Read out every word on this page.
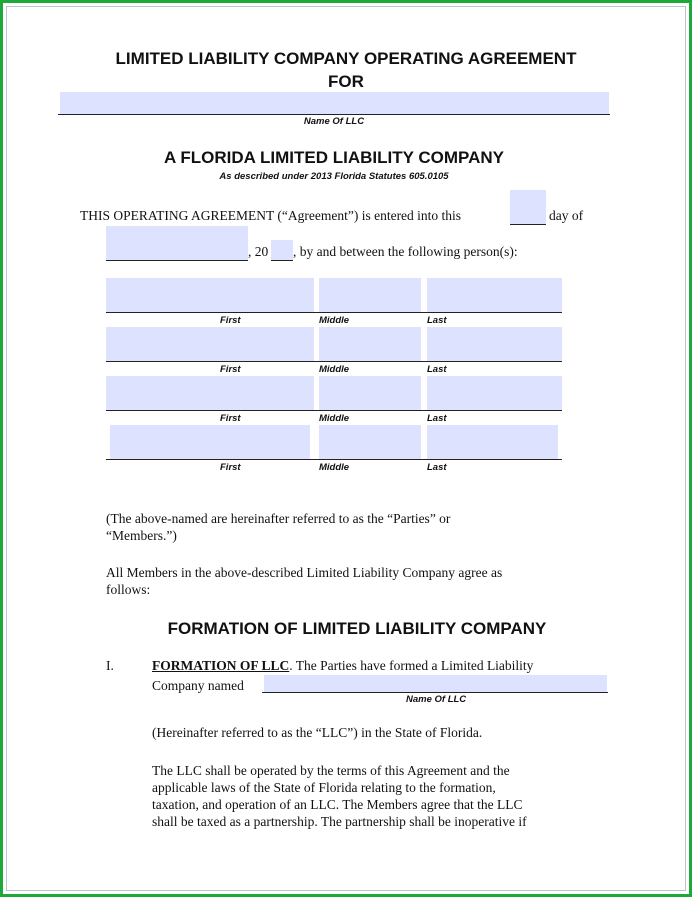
LIMITED LIABILITY COMPANY OPERATING AGREEMENT
FOR
Name Of LLC
A FLORIDA LIMITED LIABILITY COMPANY
As described under 2013 Florida Statutes 605.0105
THIS OPERATING AGREEMENT (“Agreement”) is entered into this	day of
, 20 , by and between the following person(s):
First	Middle	Last
First	Middle	Last
First	Middle	Last
First	Middle	Last
(The above-named are hereinafter referred to as the “Parties” or
“Members.”)
All Members in the above-described Limited Liability Company agree as
follows:
FORMATION OF LIMITED LIABILITY COMPANY
I.	FORMATION OF LLC. The Parties have formed a Limited Liability
Company named
Name Of LLC
(Hereinafter referred to as the “LLC”) in the State of Florida.
The LLC shall be operated by the terms of this Agreement and the
applicable laws of the State of Florida relating to the formation,
taxation, and operation of an LLC. The Members agree that the LLC
shall be taxed as a partnership. The partnership shall be inoperative if
